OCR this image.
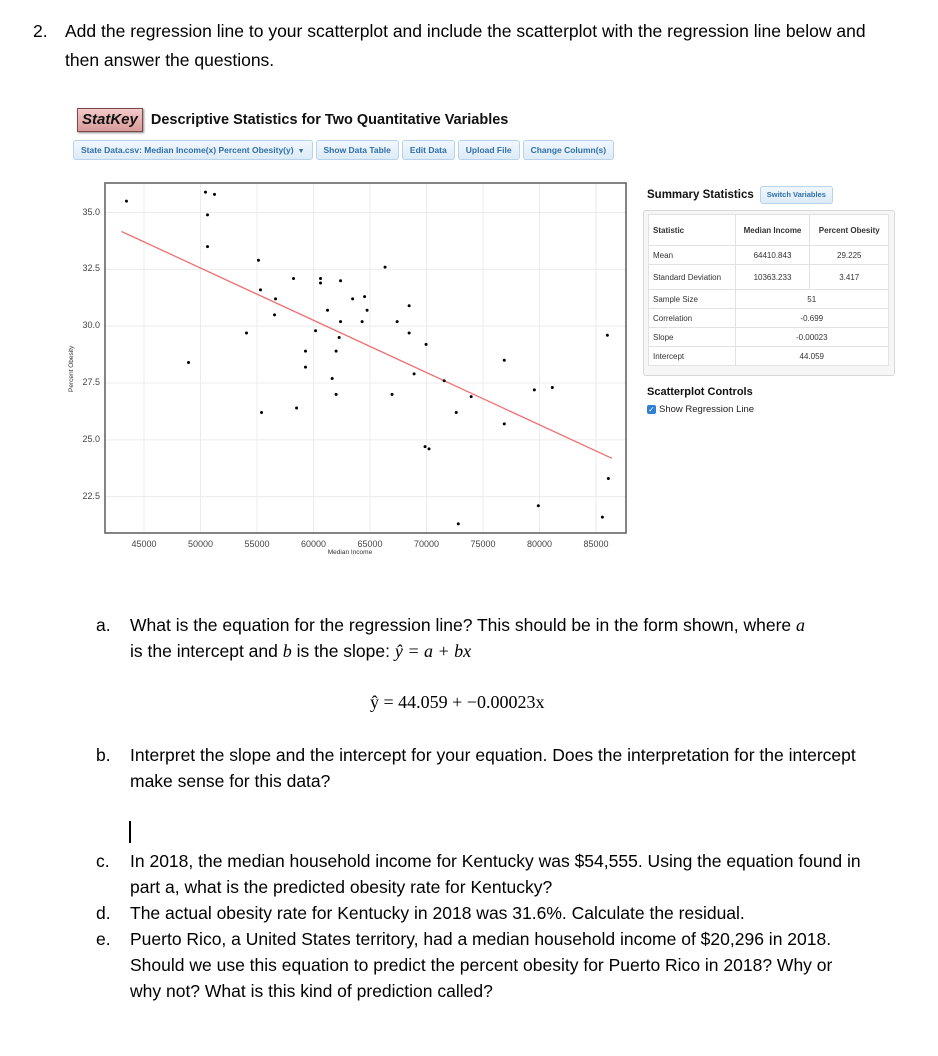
2. Add the regression line to your scatterplot and include the scatterplot with the regression line below and then answer the questions.
StatKey Descriptive Statistics for Two Quantitative Variables
State Data.csv: Median Income(x) Percent Obesity(y) ▼	Show Data Table	Edit Data	Upload File	Change Column(s)
22.5
25.0
27.5
30.0
32.5
35.0
45000	50000	55000	60000	65000	70000	75000	80000	85000
Median Income
Percent Obesity
Summary Statistics	Switch Variables
Statistic	Median Income	Percent Obesity
Mean	64410.843	29.225
Standard Deviation	10363.233	3.417
Sample Size	51	
Correlation	-0.699	
Slope	-0.00023	
Intercept	44.059	
Scatterplot Controls
✓ Show Regression Line
a. What is the equation for the regression line? This should be in the form shown, where a
is the intercept and b is the slope: ŷ = a + bx
ŷ = 44.059 + −0.00023x
b. Interpret the slope and the intercept for your equation. Does the interpretation for the intercept make sense for this data?
c. In 2018, the median household income for Kentucky was $54,555. Using the equation found in part a, what is the predicted obesity rate for Kentucky?
d. The actual obesity rate for Kentucky in 2018 was 31.6%. Calculate the residual.
e. Puerto Rico, a United States territory, had a median household income of $20,296 in 2018. Should we use this equation to predict the percent obesity for Puerto Rico in 2018? Why or why not? What is this kind of prediction called?
